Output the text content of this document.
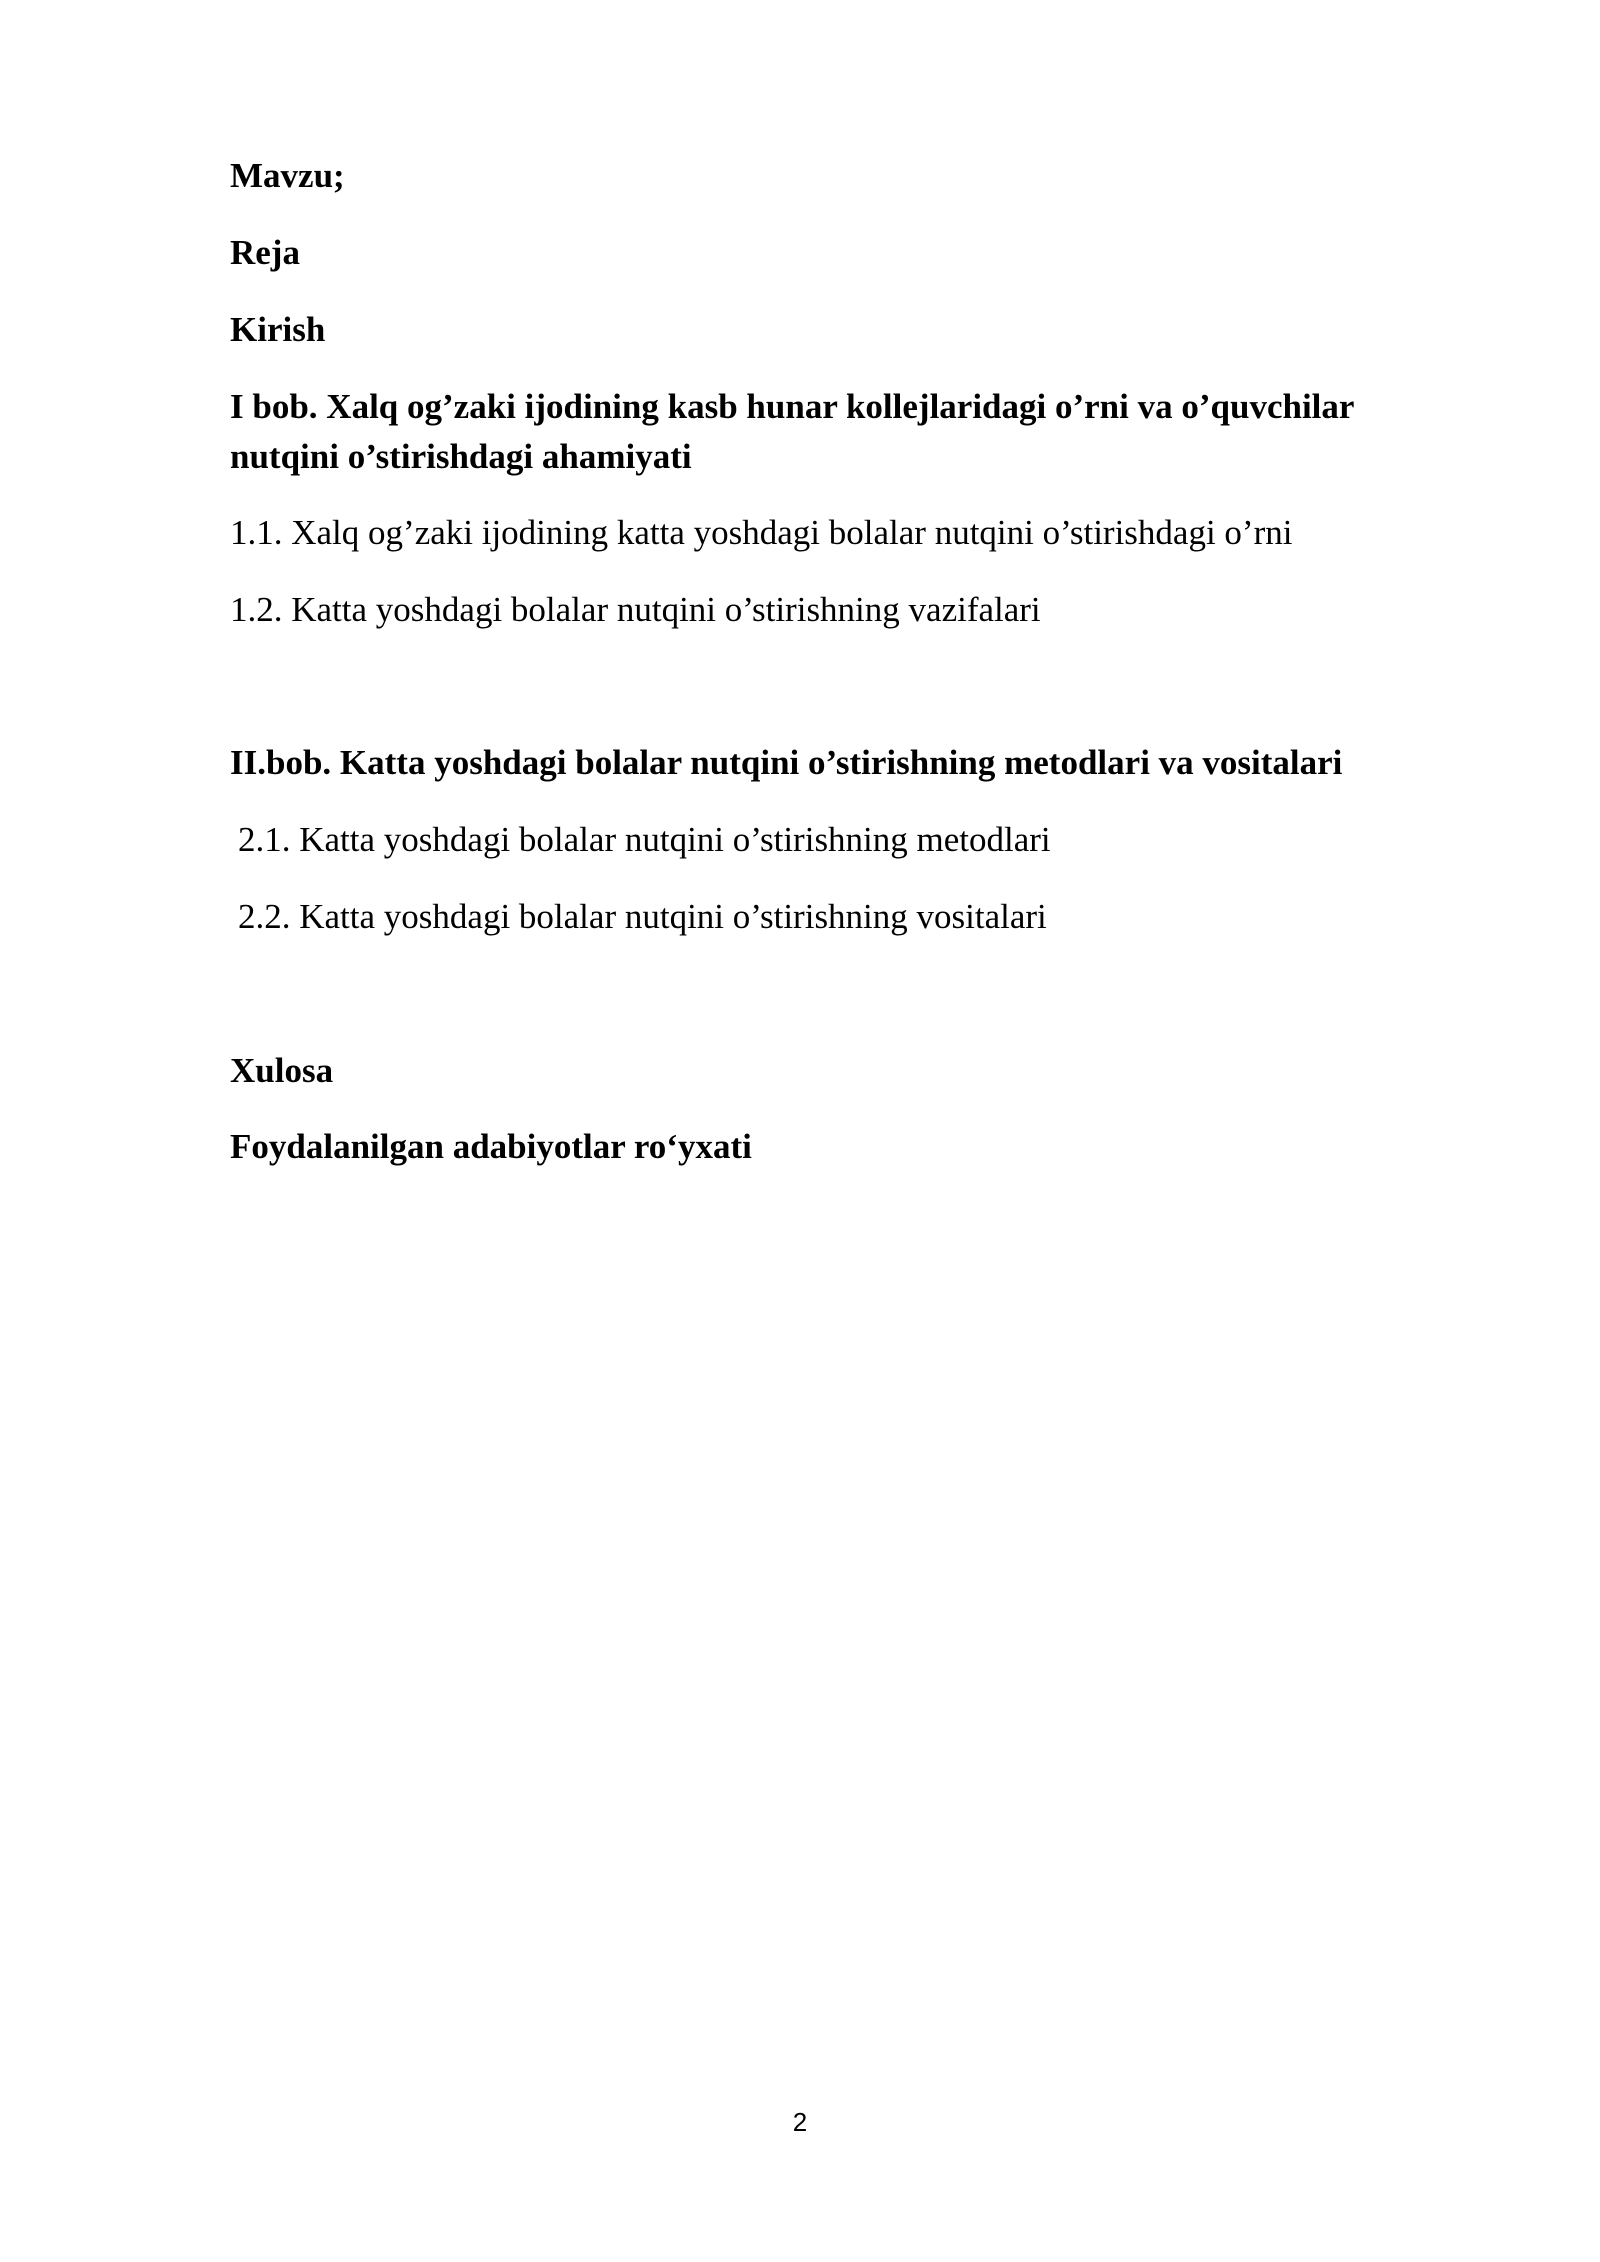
Mavzu;

Reja

Kirish

I bob. Xalq og’zaki ijodining kasb hunar kollejlaridagi o’rni va o’quvchilar

nutqini o’stirishdagi ahamiyati

1.1. Xalq og’zaki ijodining katta yoshdagi bolalar nutqini o’stirishdagi o’rni

1.2. Katta yoshdagi bolalar nutqini o’stirishning vazifalari

II.bob. Katta yoshdagi bolalar nutqini o’stirishning metodlari va vositalari

2.1. Katta yoshdagi bolalar nutqini o’stirishning metodlari

2.2. Katta yoshdagi bolalar nutqini o’stirishning vositalari

Xulosa

Foydalanilgan adabiyotlar ro‘yxati

2
